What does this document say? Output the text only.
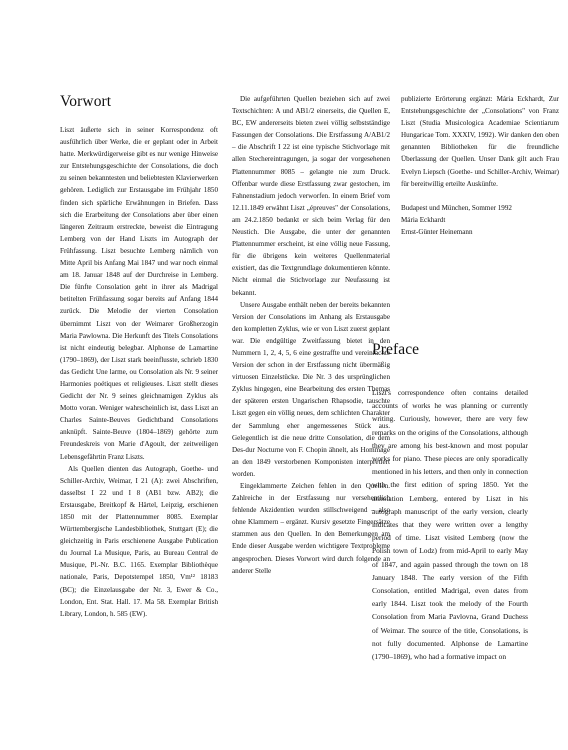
Vorwort

Liszt äußerte sich in seiner Korrespondenz oft ausführlich über Werke, die er geplant oder in Arbeit hatte. Merkwürdigerweise gibt es nur wenige Hinweise zur Entstehungsgeschichte der Consolations, die doch zu seinen bekanntesten und beliebtesten Klavierwerken gehören. Lediglich zur Erstausgabe im Frühjahr 1850 finden sich spärliche Erwähnungen in Briefen. Dass sich die Erarbeitung der Consolations aber über einen längeren Zeitraum erstreckte, beweist die Eintragung Lemberg von der Hand Liszts im Autograph der Frühfassung. Liszt besuchte Lemberg nämlich von Mitte April bis Anfang Mai 1847 und war noch einmal am 18. Januar 1848 auf der Durchreise in Lemberg. Die fünfte Consolation geht in ihrer als Madrigal betitelten Frühfassung sogar bereits auf Anfang 1844 zurück. Die Melodie der vierten Consolation übernimmt Liszt von der Weimarer Großherzogin Maria Pawlowna. Die Herkunft des Titels Consolations ist nicht eindeutig belegbar. Alphonse de Lamartine (1790–1869), der Liszt stark beeinflusste, schrieb 1830 das Gedicht Une larme, ou Consolation als Nr. 9 seiner Harmonies poétiques et religieuses. Liszt stellt dieses Gedicht der Nr. 9 seines gleichnamigen Zyklus als Motto voran. Weniger wahrscheinlich ist, dass Liszt an Charles Sainte-Beuves Gedichtband Consolations anknüpft. Sainte-Beuve (1804–1869) gehörte zum Freundeskreis von Marie d'Agoult, der zeitweiligen Lebensgefährtin Franz Liszts.

Als Quellen dienten das Autograph, Goethe- und Schiller-Archiv, Weimar, I 21 (A): zwei Abschriften, dasselbst I 22 und I 8 (AB1 bzw. AB2); die Erstausgabe, Breitkopf & Härtel, Leipzig, erschienen 1850 mit der Plattennummer 8085. Exemplar Württembergische Landesbibliothek, Stuttgart (E); die gleichzeitig in Paris erschienene Ausgabe Publication du Journal La Musique, Paris, au Bureau Central de Musique, Pl.-Nr. B.C. 1165. Exemplar Bibliothèque nationale, Paris, Depotstempel 1850, Vm¹² 18183 (BC); die Einzelausgabe der Nr. 3, Ewer & Co., London, Ent. Stat. Hall. 17. Ma 58. Exemplar British Library, London, h. 585 (EW).

Die aufgeführten Quellen beziehen sich auf zwei Textschichten: A und AB1/2 einerseits, die Quellen E, BC, EW andererseits bieten zwei völlig selbstständige Fassungen der Consolations. Die Erstfassung A/AB1/2 – die Abschrift I 22 ist eine typische Stichvorlage mit allen Stechereintragungen, ja sogar der vorgesehenen Plattennummer 8085 – gelangte nie zum Druck. Offenbar wurde diese Erstfassung zwar gestochen, im Fahnenstadium jedoch verworfen. In einem Brief vom 12.11.1849 erwähnt Liszt „épreuves" der Consolations, am 24.2.1850 bedankt er sich beim Verlag für den Neustich. Die Ausgabe, die unter der genannten Plattennummer erscheint, ist eine völlig neue Fassung, für die übrigens kein weiteres Quellenmaterial existiert, das die Textgrundlage dokumentieren könnte. Nicht einmal die Stichvorlage zur Neufassung ist bekannt.

Unsere Ausgabe enthält neben der bereits bekannten Version der Consolations im Anhang als Erstausgabe den kompletten Zyklus, wie er von Liszt zuerst geplant war. Die endgültige Zweitfassung bietet in den Nummern 1, 2, 4, 5, 6 eine gestraffte und vereinfachte Version der schon in der Erstfassung nicht übermäßig virtuosen Einzelstücke. Die Nr. 3 des ursprünglichen Zyklus hingegen, eine Bearbeitung des ersten Themas der späteren ersten Ungarischen Rhapsodie, tauschte Liszt gegen ein völlig neues, dem schlichten Charakter der Sammlung eher angemessenes Stück aus. Gelegentlich ist die neue dritte Consolation, die dem Des-dur Nocturne von F. Chopin ähnelt, als Hommage an den 1849 verstorbenen Komponisten interpretiert worden.

Eingeklammerte Zeichen fehlen in den Quellen. Zahlreiche in der Erstfassung nur versehentlich fehlende Akzidentien wurden stillschweigend – also ohne Klammern – ergänzt. Kursiv gesetzte Fingersätze stammen aus den Quellen. In den Bemerkungen am Ende dieser Ausgabe werden wichtigere Textprobleme angesprochen. Dieses Vorwort wird durch folgende an anderer Stelle

publizierte Erörterung ergänzt: Mária Eckhardt, Zur Entstehungsgeschichte der „Consolations" von Franz Liszt (Studia Musicologica Academiae Scientiarum Hungaricae Tom. XXXIV, 1992). Wir danken den oben genannten Bibliotheken für die freundliche Überlassung der Quellen. Unser Dank gilt auch Frau Evelyn Liepsch (Goethe- und Schiller-Archiv, Weimar) für bereitwillig erteilte Auskünfte.

Budapest und München, Sommer 1992
Mária Eckhardt
Ernst-Günter Heinemann

Preface

Liszt's correspondence often contains detailed accounts of works he was planning or currently writing. Curiously, however, there are very few remarks on the origins of the Consolations, although they are among his best-known and most popular works for piano. These pieces are only sporadically mentioned in his letters, and then only in connection with the first edition of spring 1850. Yet the annotation Lemberg, entered by Liszt in his autograph manuscript of the early version, clearly indicates that they were written over a lengthy period of time. Liszt visited Lemberg (now the Polish town of Lodz) from mid-April to early May of 1847, and again passed through the town on 18 January 1848. The early version of the Fifth Consolation, entitled Madrigal, even dates from early 1844. Liszt took the melody of the Fourth Consolation from Maria Pavlovna, Grand Duchess of Weimar. The source of the title, Consolations, is not fully documented. Alphonse de Lamartine (1790–1869), who had a formative impact on
